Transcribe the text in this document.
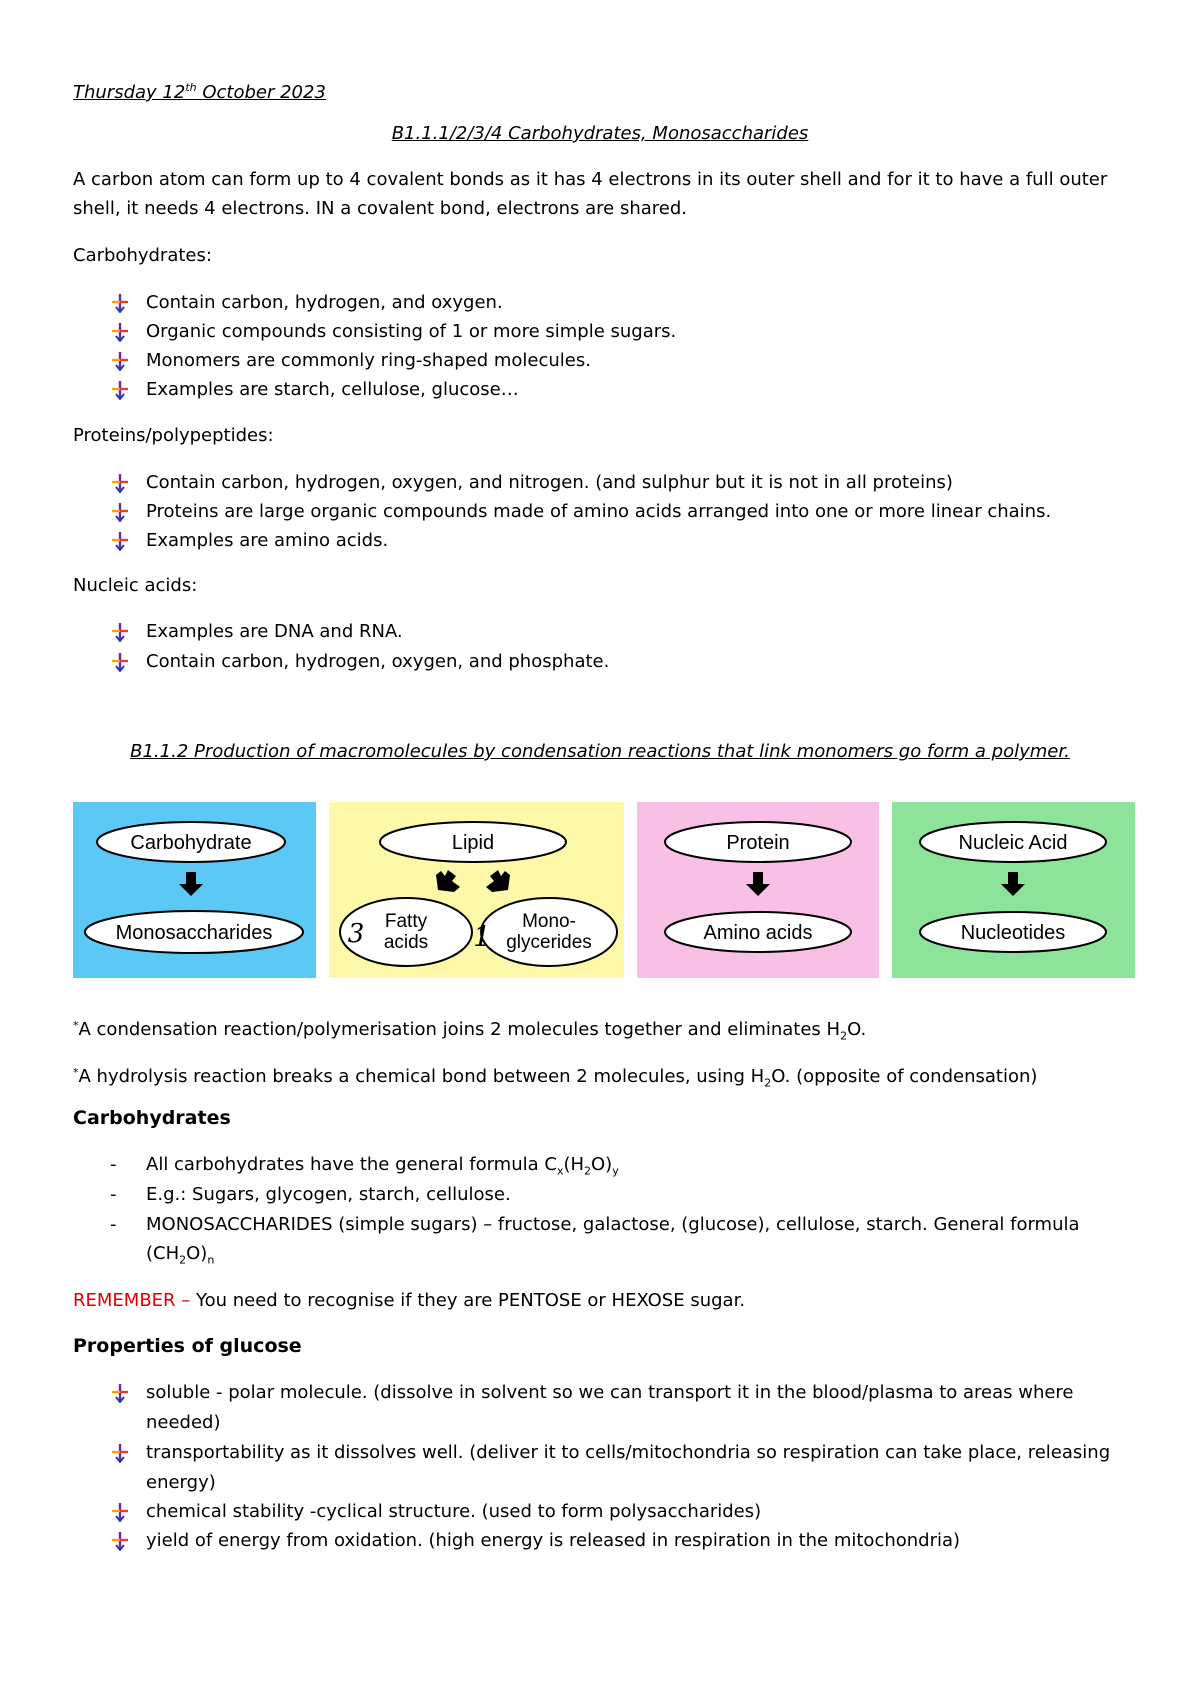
Thursday 12th October 2023
B1.1.1/2/3/4 Carbohydrates, Monosaccharides
A carbon atom can form up to 4 covalent bonds as it has 4 electrons in its outer shell and for it to have a full outer
shell, it needs 4 electrons. IN a covalent bond, electrons are shared.
Carbohydrates:
Contain carbon, hydrogen, and oxygen.
Organic compounds consisting of 1 or more simple sugars.
Monomers are commonly ring-shaped molecules.
Examples are starch, cellulose, glucose…
Proteins/polypeptides:
Contain carbon, hydrogen, oxygen, and nitrogen. (and sulphur but it is not in all proteins)
Proteins are large organic compounds made of amino acids arranged into one or more linear chains.
Examples are amino acids.
Nucleic acids:
Examples are DNA and RNA.
Contain carbon, hydrogen, oxygen, and phosphate.
B1.1.2 Production of macromolecules by condensation reactions that link monomers go form a polymer.
Carbohydrate
Monosaccharides
Lipid
Fatty
acids
Mono-
glycerides
3	1
Protein
Amino acids
Nucleic Acid
Nucleotides
*A condensation reaction/polymerisation joins 2 molecules together and eliminates $H_2O$.
*A hydrolysis reaction breaks a chemical bond between 2 molecules, using $H_2O$. (opposite of condensation)
Carbohydrates
- All carbohydrates have the general formula $C_x(H_2O)_y$
- E.g.: Sugars, glycogen, starch, cellulose.
- MONOSACCHARIDES (simple sugars) – fructose, galactose, (glucose), cellulose, starch. General formula
$(CH_2O)_n$
REMEMBER – You need to recognise if they are PENTOSE or HEXOSE sugar.
Properties of glucose
soluble - polar molecule. (dissolve in solvent so we can transport it in the blood/plasma to areas where
needed)
transportability as it dissolves well. (deliver it to cells/mitochondria so respiration can take place, releasing
energy)
chemical stability -cyclical structure. (used to form polysaccharides)
yield of energy from oxidation. (high energy is released in respiration in the mitochondria)
